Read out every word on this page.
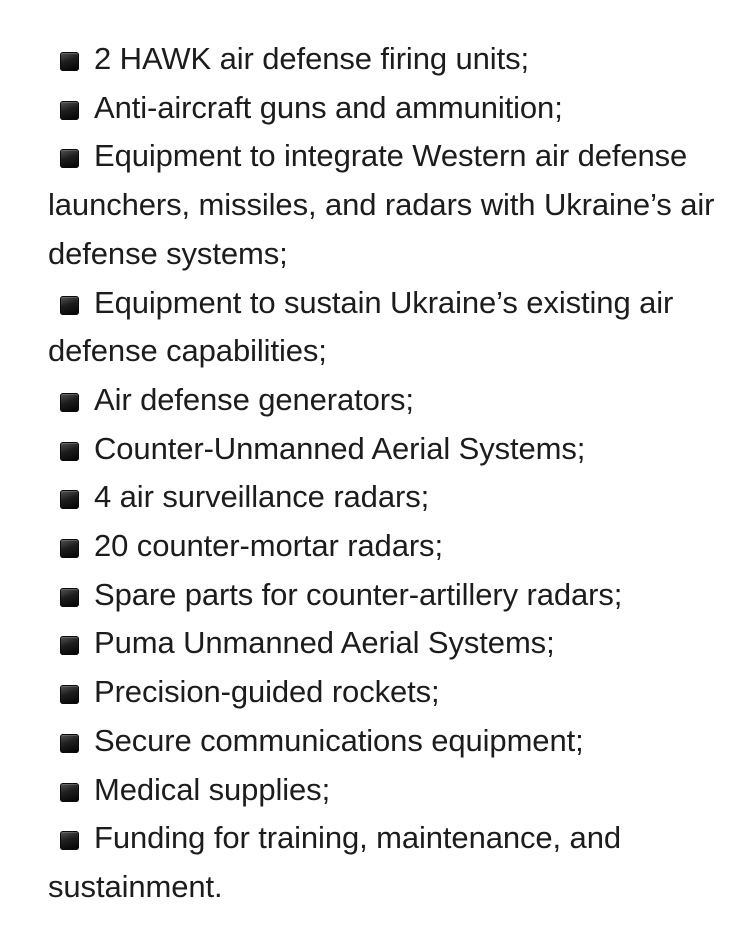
2 HAWK air defense firing units;
Anti-aircraft guns and ammunition;
Equipment to integrate Western air defense launchers, missiles, and radars with Ukraine’s air defense systems;
Equipment to sustain Ukraine’s existing air defense capabilities;
Air defense generators;
Counter-Unmanned Aerial Systems;
4 air surveillance radars;
20 counter-mortar radars;
Spare parts for counter-artillery radars;
Puma Unmanned Aerial Systems;
Precision-guided rockets;
Secure communications equipment;
Medical supplies;
Funding for training, maintenance, and sustainment.
